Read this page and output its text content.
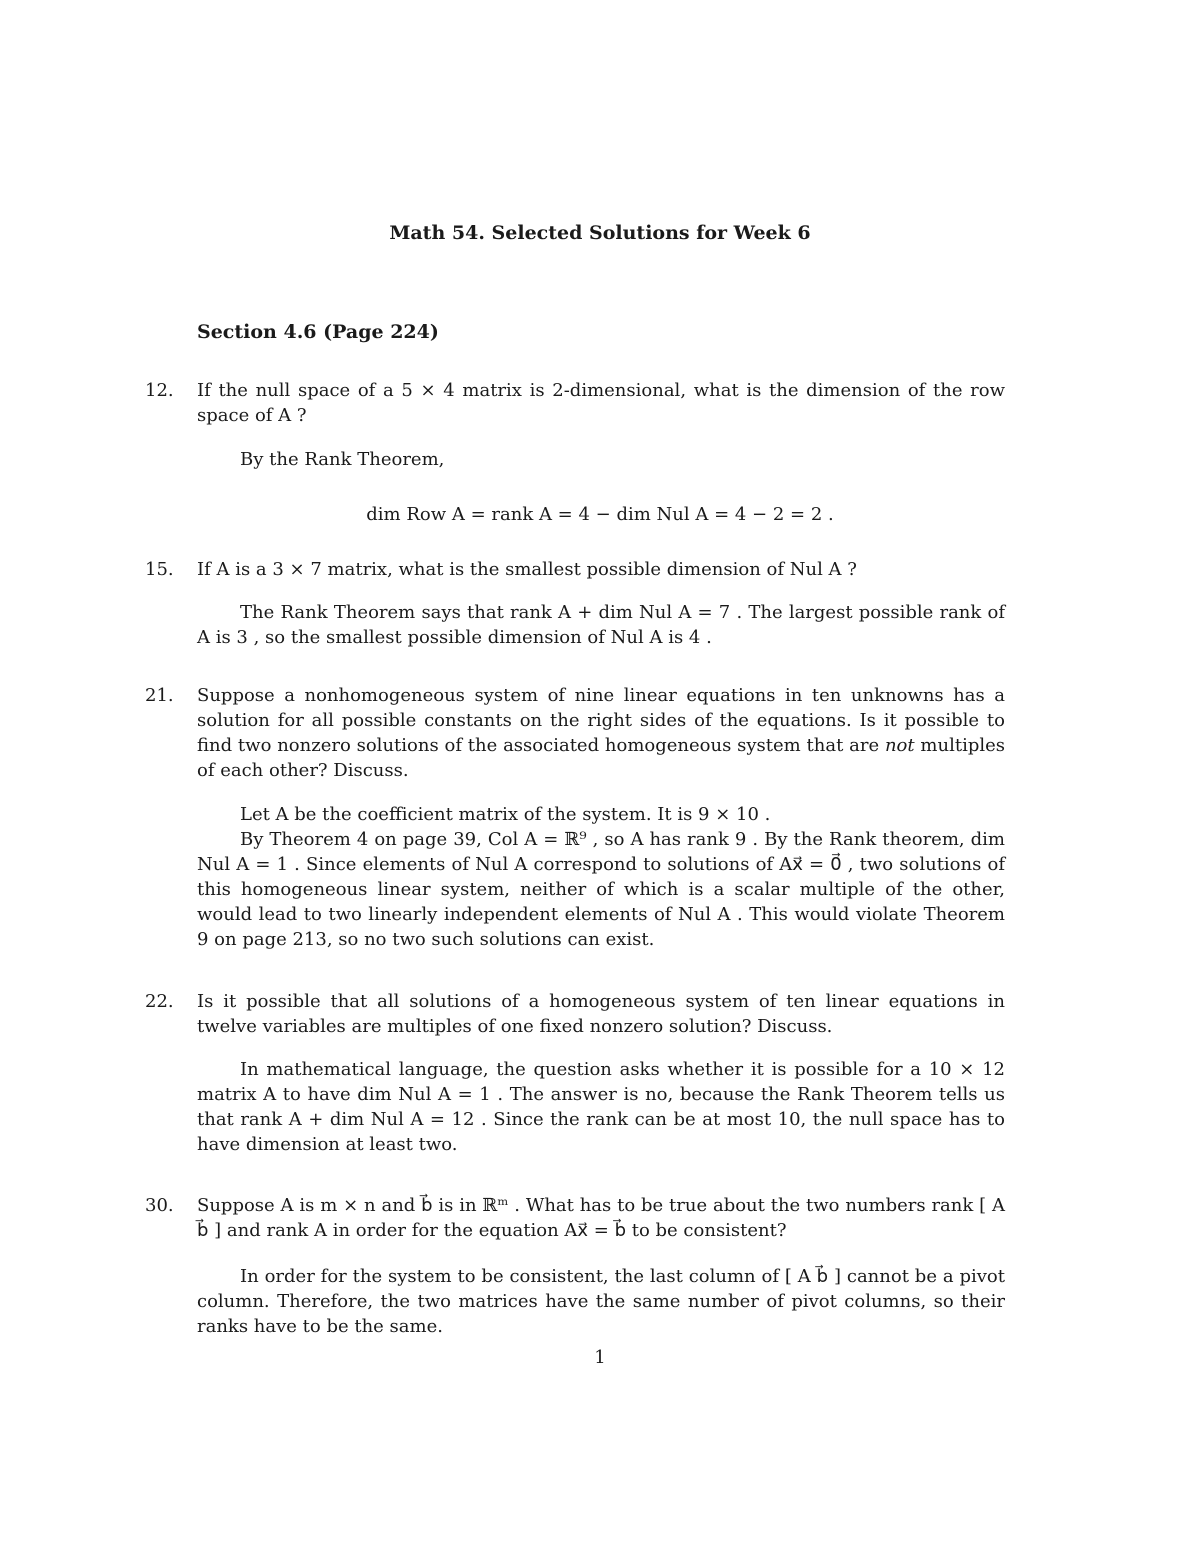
Math 54. Selected Solutions for Week 6
Section 4.6 (Page 224)
12.	If the null space of a 5 × 4 matrix is 2-dimensional, what is the dimension of the row space of A ?
By the Rank Theorem,
dim Row A = rank A = 4 − dim Nul A = 4 − 2 = 2 .
15.	If A is a 3 × 7 matrix, what is the smallest possible dimension of Nul A ?
The Rank Theorem says that rank A + dim Nul A = 7 . The largest possible rank of A is 3 , so the smallest possible dimension of Nul A is 4 .
21.	Suppose a nonhomogeneous system of nine linear equations in ten unknowns has a solution for all possible constants on the right sides of the equations. Is it possible to find two nonzero solutions of the associated homogeneous system that are not multiples of each other? Discuss.
Let A be the coefficient matrix of the system. It is 9 × 10 .
By Theorem 4 on page 39, Col A = ℝ⁹ , so A has rank 9 . By the Rank theorem, dim Nul A = 1 . Since elements of Nul A correspond to solutions of Ax⃗ = 0⃗ , two solutions of this homogeneous linear system, neither of which is a scalar multiple of the other, would lead to two linearly independent elements of Nul A . This would violate Theorem 9 on page 213, so no two such solutions can exist.
22.	Is it possible that all solutions of a homogeneous system of ten linear equations in twelve variables are multiples of one fixed nonzero solution? Discuss.
In mathematical language, the question asks whether it is possible for a 10 × 12 matrix A to have dim Nul A = 1 . The answer is no, because the Rank Theorem tells us that rank A + dim Nul A = 12 . Since the rank can be at most 10, the null space has to have dimension at least two.
30.	Suppose A is m × n and b⃗ is in ℝᵐ . What has to be true about the two numbers rank [ A b⃗ ] and rank A in order for the equation Ax⃗ = b⃗ to be consistent?
In order for the system to be consistent, the last column of [ A b⃗ ] cannot be a pivot column. Therefore, the two matrices have the same number of pivot columns, so their ranks have to be the same.
1
